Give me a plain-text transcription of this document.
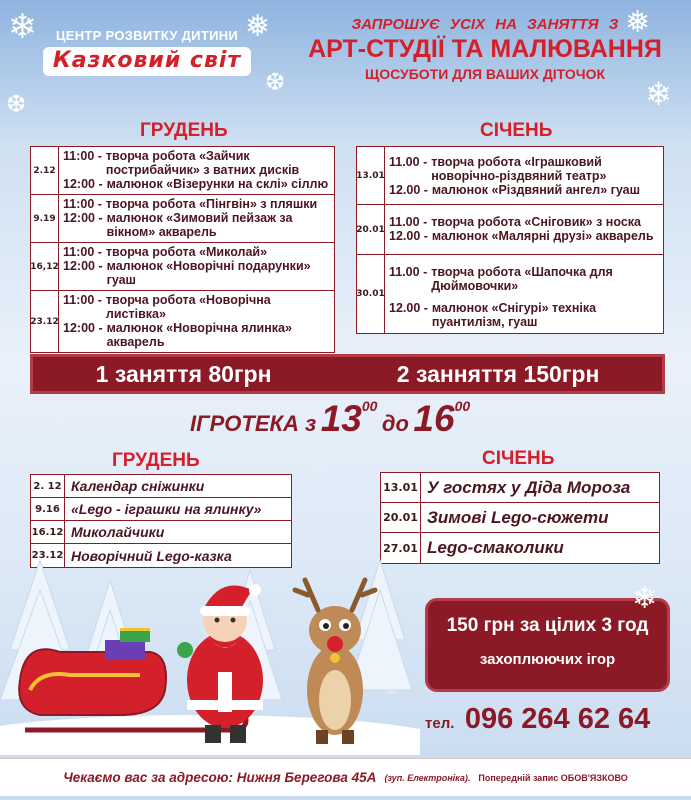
❄	❅
❆
❅
❄
❆
❄
❅
❆
❅
❄
ЦЕНТР РОЗВИТКУ ДИТИНИ
Казковий світ
ЗАПРОШУЄ УСІХ НА ЗАНЯТТЯ З
АРТ-СТУДІЇ ТА МАЛЮВАННЯ
ЩОСУБОТИ ДЛЯ ВАШИХ ДІТОЧОК
ГРУДЕНЬ
2.12
11:00 - творча робота «Зайчик пострибайчик» з ватних дисків
12:00 - малюнок «Візерунки на склі» сіллю
9.19
11:00 - творча робота «Пінгвін» з пляшки
12:00 - малюнок «Зимовий пейзаж за вікном» акварель
16,12
11:00 - творча робота «Миколай»
12:00 - малюнок «Новорічні подарунки» гуаш
23.12
11:00 - творча робота «Новорічна листівка»
12:00 - малюнок «Новорічна ялинка» акварель
СІЧЕНЬ
13.01
11.00 - творча робота «Іграшковий новорічно-різдвяний театр»
12.00 - малюнок «Різдвяний ангел» гуаш
20.01
11.00 - творча робота «Сніговик» з носка
12.00 - малюнок «Малярні друзі» акварель
30.01
11.00 - творча робота «Шапочка для Дюймовочки»
12.00 - малюнок «Снігурі» техніка пуантилізм, гуаш
1 заняття 80грн	2 занняття 150грн
ІГРОТЕКА з $13^{00}$ до $16^{00}$
ГРУДЕНЬ
2. 12 Календар сніжинки
9.16 «Lego - іграшки на ялинку»
16.12 Миколайчики
23.12 Новорічний Lego-казка
СІЧЕНЬ
13.01 У гостях у Діда Мороза
20.01 Зимові Lego-сюжети
27.01 Lego-смаколики
150 грн за цілих 3 год
захоплюючих ігор
❄
тел. 096 264 62 64
Чекаємо вас за адресою: Нижня Берегова 45А (зуп. Електроніка). Попередній запис ОБОВ'ЯЗКОВО
